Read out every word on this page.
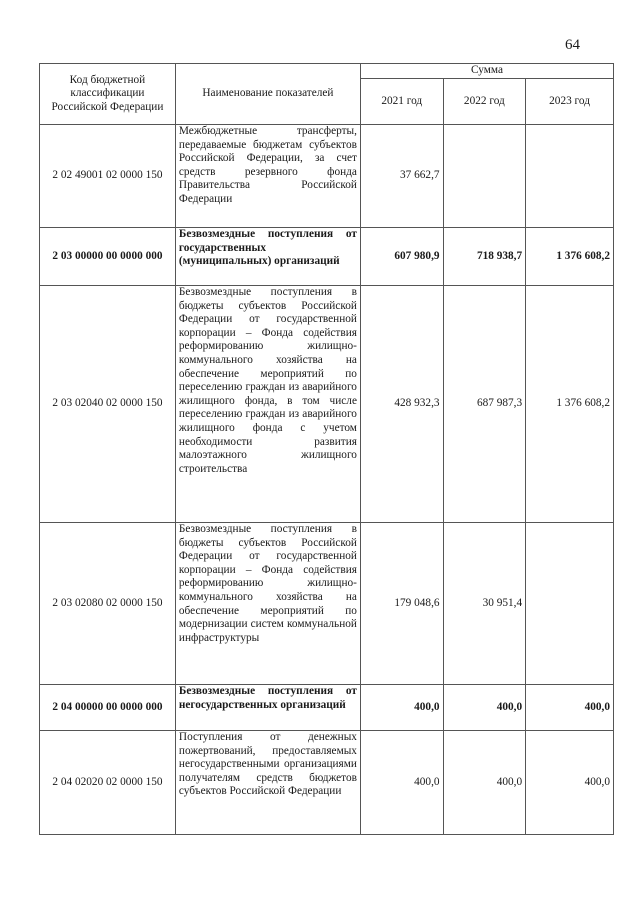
64
Код бюджетной классификации Российской Федерации	Наименование показателей	Сумма		
		2021 год	2022 год	2023 год
2 02 49001 02 0000 150	Межбюджетные трансферты, передаваемые бюджетам субъектов Российской Федерации, за счет средств резервного фонда Правительства Российской Федерации	37 662,7		
2 03 00000 00 0000 000	Безвозмездные поступления от государственных (муниципальных) организаций	607 980,9	718 938,7	1 376 608,2
2 03 02040 02 0000 150	Безвозмездные поступления в бюджеты субъектов Российской Федерации от государственной корпорации – Фонда содействия реформированию жилищно-коммунального хозяйства на обеспечение мероприятий по переселению граждан из аварийного жилищного фонда, в том числе переселению граждан из аварийного жилищного фонда с учетом необходимости развития малоэтажного жилищного строительства	428 932,3	687 987,3	1 376 608,2
2 03 02080 02 0000 150	Безвозмездные поступления в бюджеты субъектов Российской Федерации от государственной корпорации – Фонда содействия реформированию жилищно-коммунального хозяйства на обеспечение мероприятий по модернизации систем коммунальной инфраструктуры	179 048,6	30 951,4	
2 04 00000 00 0000 000	Безвозмездные поступления от негосударственных организаций	400,0	400,0	400,0
2 04 02020 02 0000 150	Поступления от денежных пожертвований, предоставляемых негосударственными организациями получателям средств бюджетов субъектов Российской Федерации	400,0	400,0	400,0
